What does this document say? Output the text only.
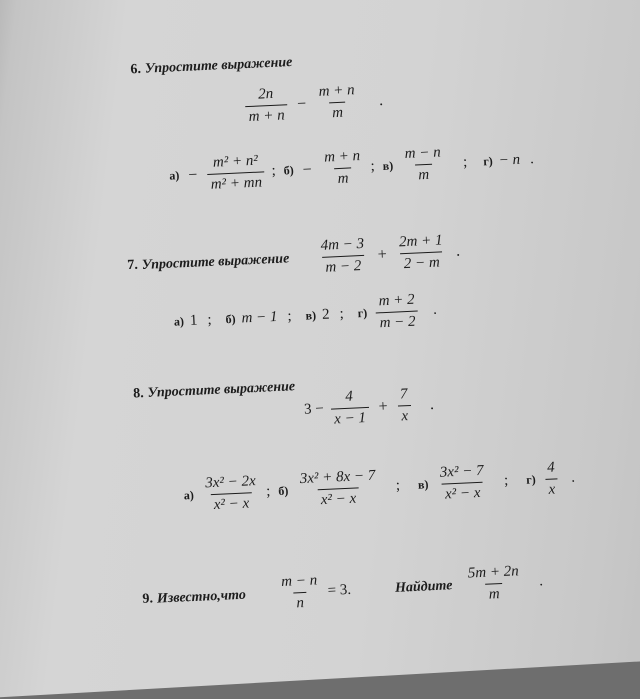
6. Упростите выражение
$\frac{2n}{m + n} - \frac{m + n}{m}$ .
$а) - \frac{\text{m² + n²}}{\text{m² + mn}}$ ; $б) - \frac{m + n}{m}$ ; $в) \frac{m - n}{m}$ ; г) − n .
7. Упростите выражение $\frac{4m - 3}{m - 2} + \frac{2m + 1}{2 - m}$ .
а) 1 ; б) m − 1 ; в) 2 ; $г) \frac{m + 2}{m - 2}$ .
8. Упростите выражение
$3 - \frac{4}{x - 1} + \frac{7}{x}$ .
$а) \frac{\text{3x² − 2x}}{\text{x² − x}}$ ; $б) \frac{\text{3x² + 8x − 7}}{\text{x² − x}}$ ; $в) \frac{\text{3x² − 7}}{\text{x² − x}}$ ; $г) \frac{4}{x}$ .
9. Известно,что $\frac{m - n}{n} = 3$.	Найдите $\frac{5m + 2n}{m}$ .
